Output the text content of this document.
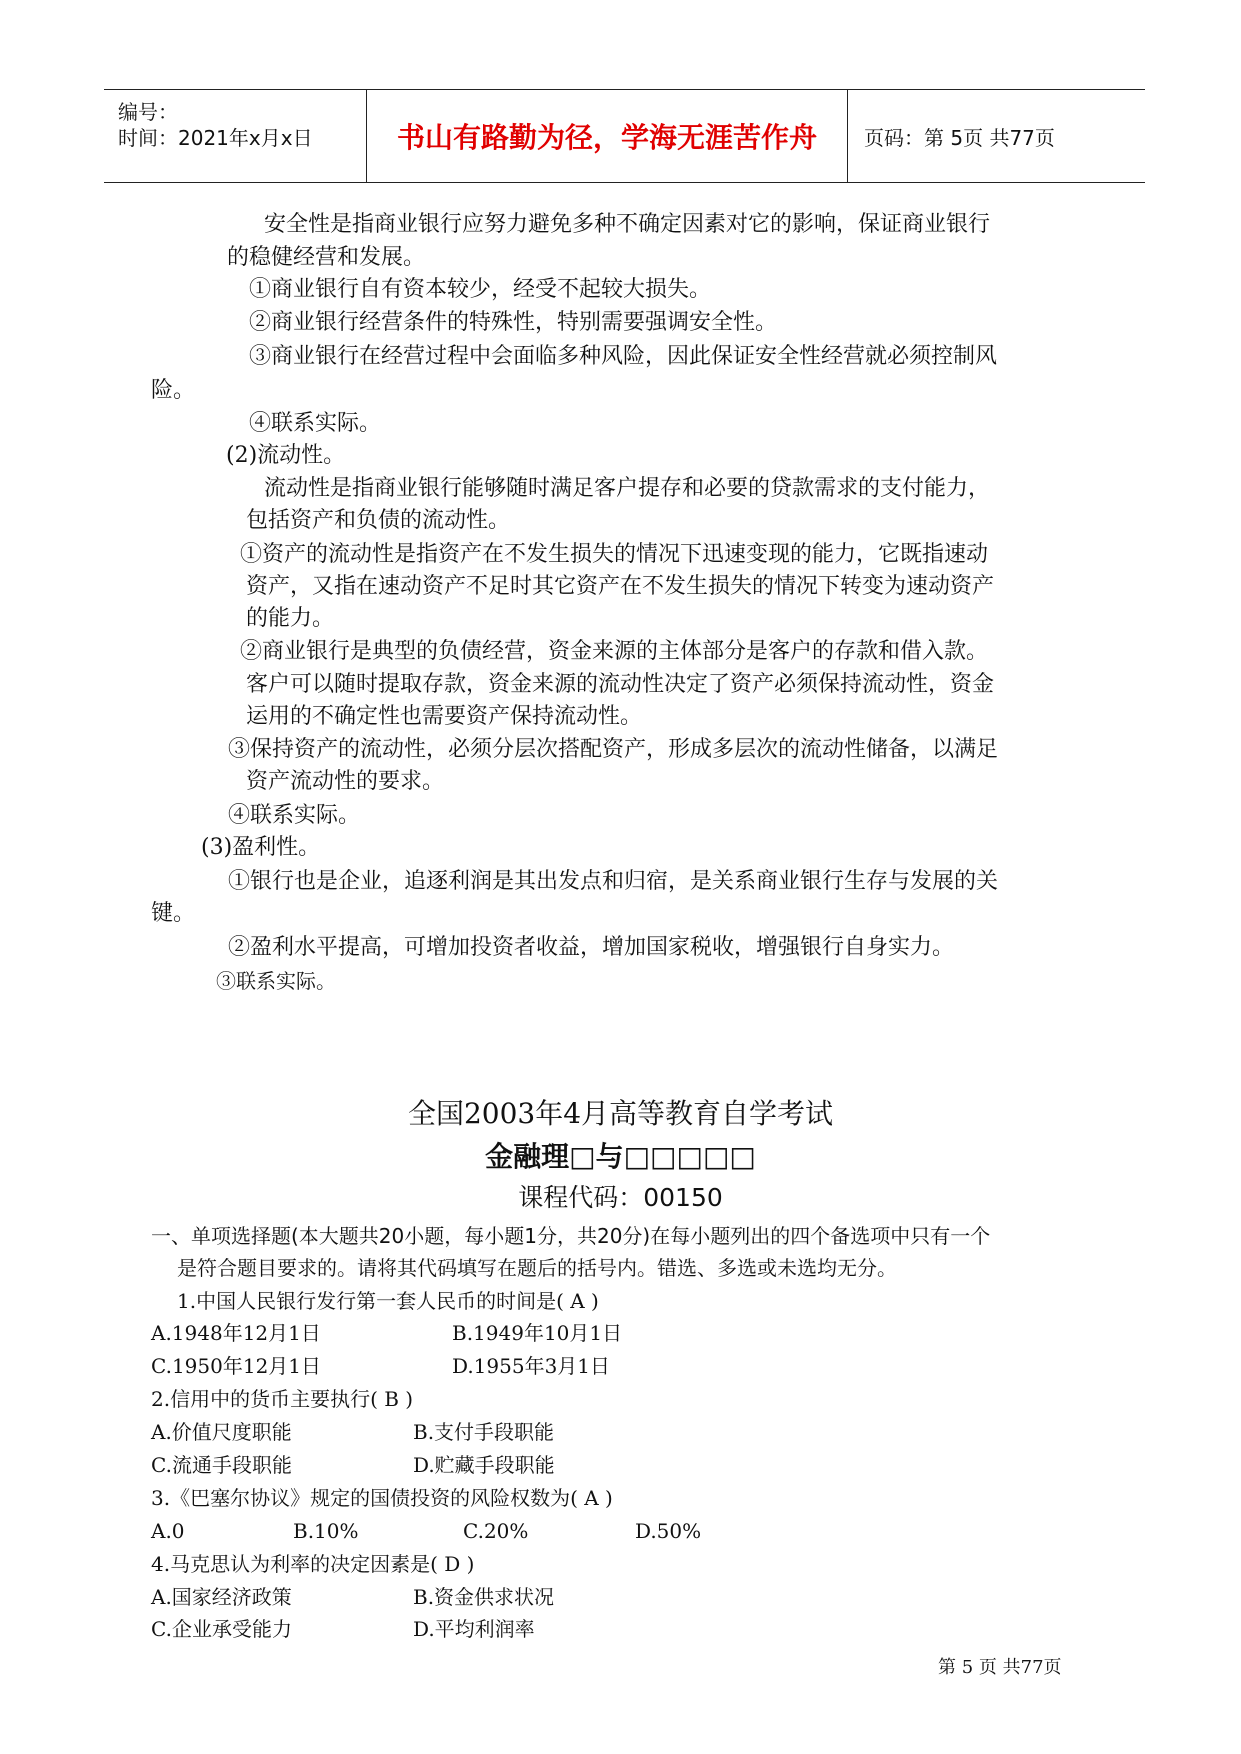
编号：
时间：2021年x月x日	书山有路勤为径，学海无涯苦作舟	页码：第 5页 共77页
安全性是指商业银行应努力避免多种不确定因素对它的影响，保证商业银行
的稳健经营和发展。
①商业银行自有资本较少，经受不起较大损失。
②商业银行经营条件的特殊性，特别需要强调安全性。
③商业银行在经营过程中会面临多种风险，因此保证安全性经营就必须控制风
险。
④联系实际。
(2)流动性。
流动性是指商业银行能够随时满足客户提存和必要的贷款需求的支付能力，
包括资产和负债的流动性。
①资产的流动性是指资产在不发生损失的情况下迅速变现的能力，它既指速动
资产，又指在速动资产不足时其它资产在不发生损失的情况下转变为速动资产
的能力。
②商业银行是典型的负债经营，资金来源的主体部分是客户的存款和借入款。
客户可以随时提取存款，资金来源的流动性决定了资产必须保持流动性，资金
运用的不确定性也需要资产保持流动性。
③保持资产的流动性，必须分层次搭配资产，形成多层次的流动性储备，以满足
资产流动性的要求。
④联系实际。
(3)盈利性。
①银行也是企业，追逐利润是其出发点和归宿，是关系商业银行生存与发展的关
键。
②盈利水平提高，可增加投资者收益，增加国家税收，增强银行自身实力。
③联系实际。
全国2003年4月高等教育自学考试
金融理□与□□□□□
课程代码：00150
一、单项选择题(本大题共20小题，每小题1分，共20分)在每小题列出的四个备选项中只有一个
是符合题目要求的。请将其代码填写在题后的括号内。错选、多选或未选均无分。
1.中国人民银行发行第一套人民币的时间是( A )
A.1948年12月1日	B.1949年10月1日
C.1950年12月1日	D.1955年3月1日
2.信用中的货币主要执行( B )
A.价值尺度职能	B.支付手段职能
C.流通手段职能	D.贮藏手段职能
3.《巴塞尔协议》规定的国债投资的风险权数为( A )
A.0	B.10%	C.20%	D.50%
4.马克思认为利率的决定因素是( D )
A.国家经济政策	B.资金供求状况
C.企业承受能力	D.平均利润率
第 5 页 共77页
